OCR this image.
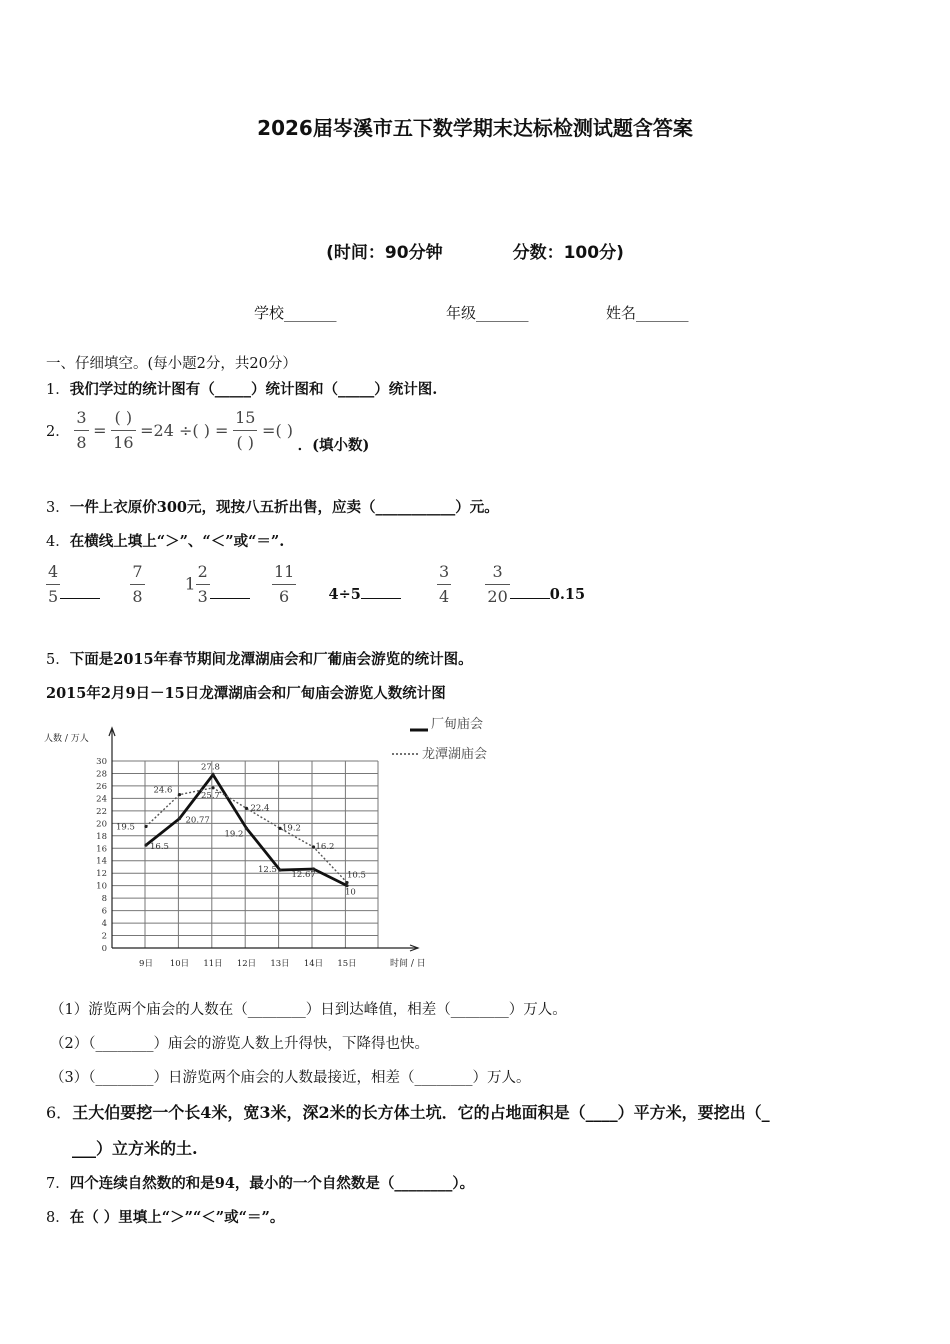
2026届岑溪市五下数学期末达标检测试题含答案
(时间：90分钟	分数：100分)
学校_______	年级_______	姓名_______
一、仔细填空。(每小题2分，共20分）
1．我们学过的统计图有（_____）统计图和（_____）统计图.
2． $\frac{3}{8} = \frac{( )}{16} =24$ ÷( ) = $\frac{15}{( )}$ =( ) ．(填小数)
3．一件上衣原价300元，现按八五折出售，应卖（___________）元。
4．在横线上填上“＞”、“＜”或“＝”.
$\frac{4}{5}$
	$\frac{7}{8} 1 \frac{2}{3}$
	$\frac{11}{6} 4\div 5$	$\frac{3}{4}$
$\frac{3}{20}$	0.15
5．下面是2015年春节期间龙潭湖庙会和厂葡庙会游览的统计图。
2015年2月9日－15日龙潭湖庙会和厂甸庙会游览人数统计图
0
2
4
6
8
10
12
14
16
18
20
22
24
26
28
30
人数 / 万人
时间 / 日
9日 10日 11日 12日 13日 14日 15日
19.5
16.5
24.6
20.77
27.8
25.7
19.2
22.4
12.5
19.2
12.67
16.2
10.5
10
厂甸庙会
龙潭湖庙会
（1）游览两个庙会的人数在（________）日到达峰值，相差（________）万人。
（2）（________）庙会的游览人数上升得快，下降得也快。
（3）（________）日游览两个庙会的人数最接近，相差（________）万人。
6．王大伯要挖一个长4米，宽3米，深2米的长方体土坑．它的占地面积是（____）平方米，要挖出（_
___）立方米的土.
7．四个连续自然数的和是94，最小的一个自然数是（________）。
8．在（ ）里填上“＞”“＜”或“＝”。
